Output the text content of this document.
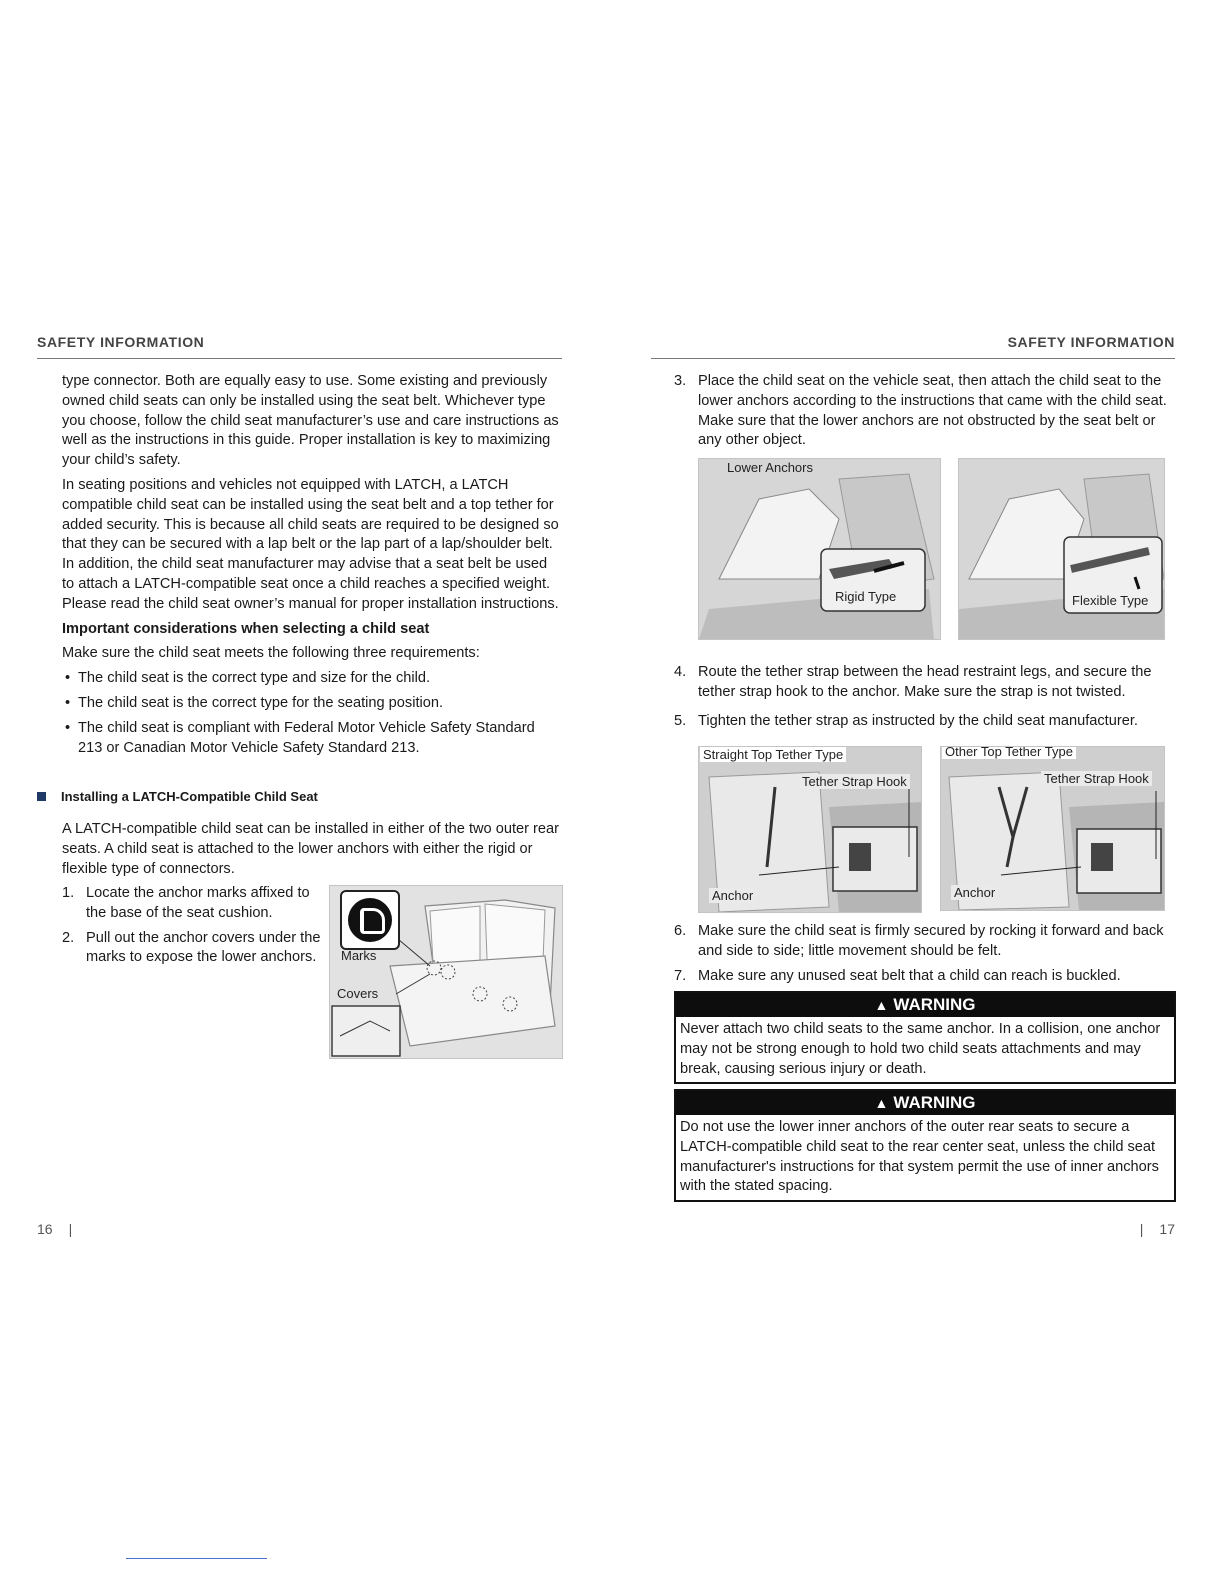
SAFETY INFORMATION

type connector. Both are equally easy to use. Some existing and previously owned child seats can only be installed using the seat belt. Whichever type you choose, follow the child seat manufacturer’s use and care instructions as well as the instructions in this guide. Proper installation is key to maximizing your child’s safety.

In seating positions and vehicles not equipped with LATCH, a LATCH compatible child seat can be installed using the seat belt and a top tether for added security. This is because all child seats are required to be designed so that they can be secured with a lap belt or the lap part of a lap/shoulder belt. In addition, the child seat manufacturer may advise that a seat belt be used to attach a LATCH-compatible seat once a child reaches a specified weight. Please read the child seat owner’s manual for proper installation instructions.

Important considerations when selecting a child seat

Make sure the child seat meets the following three requirements:

• The child seat is the correct type and size for the child.
• The child seat is the correct type for the seating position.
• The child seat is compliant with Federal Motor Vehicle Safety Standard 213 or Canadian Motor Vehicle Safety Standard 213.
Installing a LATCH-Compatible Child Seat

A LATCH-compatible child seat can be installed in either of the two outer rear seats. A child seat is attached to the lower anchors with either the rigid or flexible type of connectors.

1. Locate the anchor marks affixed to the base of the seat cushion.
2. Pull out the anchor covers under the marks to expose the lower anchors.	Marks
Covers
16 |
SAFETY INFORMATION
3. Place the child seat on the vehicle seat, then attach the child seat to the lower anchors according to the instructions that came with the child seat. Make sure that the lower anchors are not obstructed by the seat belt or any other object.
Lower Anchors
Rigid Type	Flexible Type
4. Route the tether strap between the head restraint legs, and secure the tether strap hook to the anchor. Make sure the strap is not twisted.
5. Tighten the tether strap as instructed by the child seat manufacturer.
Straight Top Tether Type
Tether Strap Hook
Anchor
Other Top Tether Type
Tether Strap Hook
Anchor
6. Make sure the child seat is firmly secured by rocking it forward and back and side to side; little movement should be felt.
7. Make sure any unused seat belt that a child can reach is buckled.
▲ WARNING
Never attach two child seats to the same anchor. In a collision, one anchor may not be strong enough to hold two child seats attachments and may break, causing serious injury or death.
▲ WARNING
Do not use the lower inner anchors of the outer rear seats to secure a LATCH-compatible child seat to the rear center seat, unless the child seat manufacturer's instructions for that system permit the use of inner anchors with the stated spacing.
| 17
